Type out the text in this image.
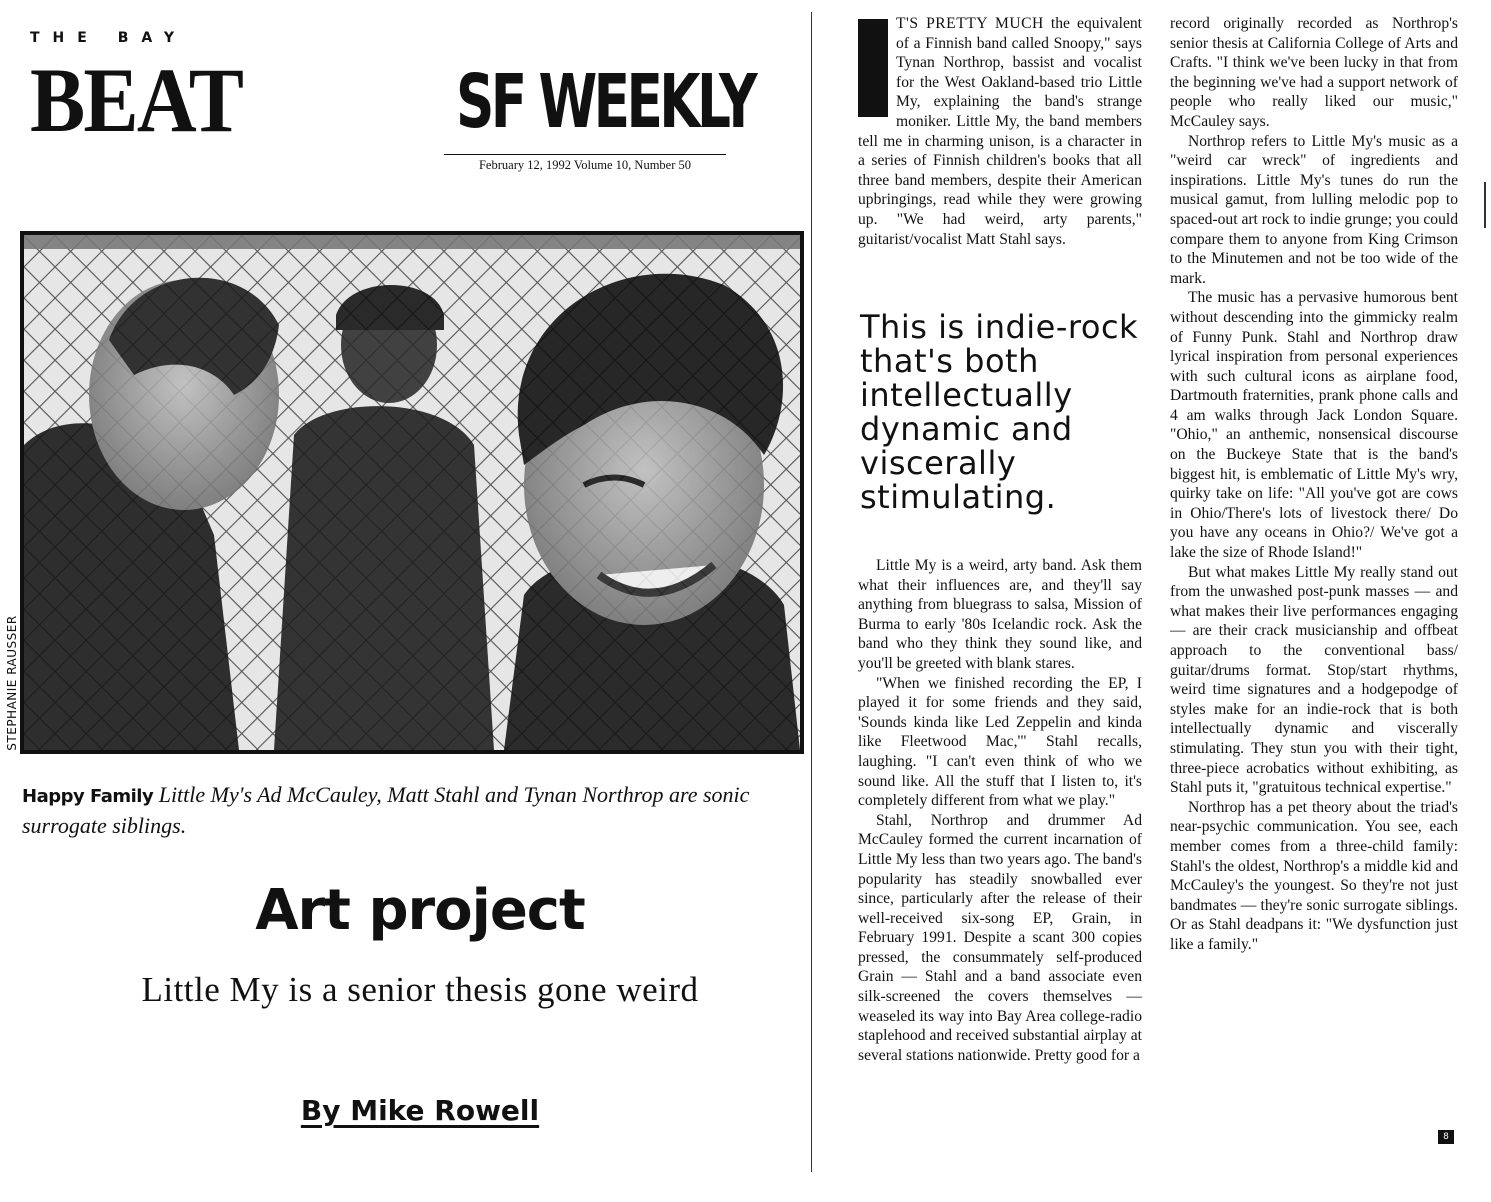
THE BAY
BEAT	SF WEEKLY
February 12, 1992 Volume 10, Number 50
STEPHANIE RAUSSER
Happy Family Little My's Ad McCauley, Matt Stahl and Tynan Northrop are sonic surrogate siblings.
Art project
Little My is a senior thesis gone weird
By Mike Rowell

T'S PRETTY MUCH the equivalent of a Finnish band called Snoopy," says Tynan Northrop, bassist and vocalist for the West Oakland-based trio Little My, explaining the band's strange moniker. Little My, the band members tell me in charming unison, is a character in a series of Finnish children's books that all three band members, despite their American upbringings, read while they were growing up. "We had weird, arty parents," guitarist/vocalist Matt Stahl says.

This is indie-rock that's both intellectually dynamic and viscerally stimulating.

Little My is a weird, arty band. Ask them what their influences are, and they'll say anything from bluegrass to salsa, Mission of Burma to early '80s Icelandic rock. Ask the band who they think they sound like, and you'll be greeted with blank stares.

"When we finished recording the EP, I played it for some friends and they said, 'Sounds kinda like Led Zeppelin and kinda like Fleetwood Mac,'" Stahl recalls, laughing. "I can't even think of who we sound like. All the stuff that I listen to, it's completely different from what we play."

Stahl, Northrop and drummer Ad McCauley formed the current incarnation of Little My less than two years ago. The band's popularity has steadily snowballed ever since, particularly after the release of their well-received six-song EP, Grain, in February 1991. Despite a scant 300 copies pressed, the consummately self-produced Grain — Stahl and a band associate even silk-screened the covers themselves — weaseled its way into Bay Area college-radio staplehood and received substantial airplay at several stations nationwide. Pretty good for a

record originally recorded as Northrop's senior thesis at California College of Arts and Crafts. "I think we've been lucky in that from the beginning we've had a support network of people who really liked our music," McCauley says.

Northrop refers to Little My's music as a "weird car wreck" of ingredients and inspirations. Little My's tunes do run the musical gamut, from lulling melodic pop to spaced-out art rock to indie grunge; you could compare them to anyone from King Crimson to the Minutemen and not be too wide of the mark.

The music has a pervasive humorous bent without descending into the gimmicky realm of Funny Punk. Stahl and Northrop draw lyrical inspiration from personal experiences with such cultural icons as airplane food, Dartmouth fraternities, prank phone calls and 4 am walks through Jack London Square. "Ohio," an anthemic, nonsensical discourse on the Buckeye State that is the band's biggest hit, is emblematic of Little My's wry, quirky take on life: "All you've got are cows in Ohio/There's lots of livestock there/ Do you have any oceans in Ohio?/ We've got a lake the size of Rhode Island!"

But what makes Little My really stand out from the unwashed post-punk masses — and what makes their live performances engaging — are their crack musicianship and offbeat approach to the conventional bass/ guitar/drums format. Stop/start rhythms, weird time signatures and a hodgepodge of styles make for an indie-rock that is both intellectually dynamic and viscerally stimulating. They stun you with their tight, three-piece acrobatics without exhibiting, as Stahl puts it, "gratuitous technical expertise."

Northrop has a pet theory about the triad's near-psychic communication. You see, each member comes from a three-child family: Stahl's the oldest, Northrop's a middle kid and McCauley's the youngest. So they're not just bandmates — they're sonic surrogate siblings. Or as Stahl deadpans it: "We dysfunction just like a family."

8
